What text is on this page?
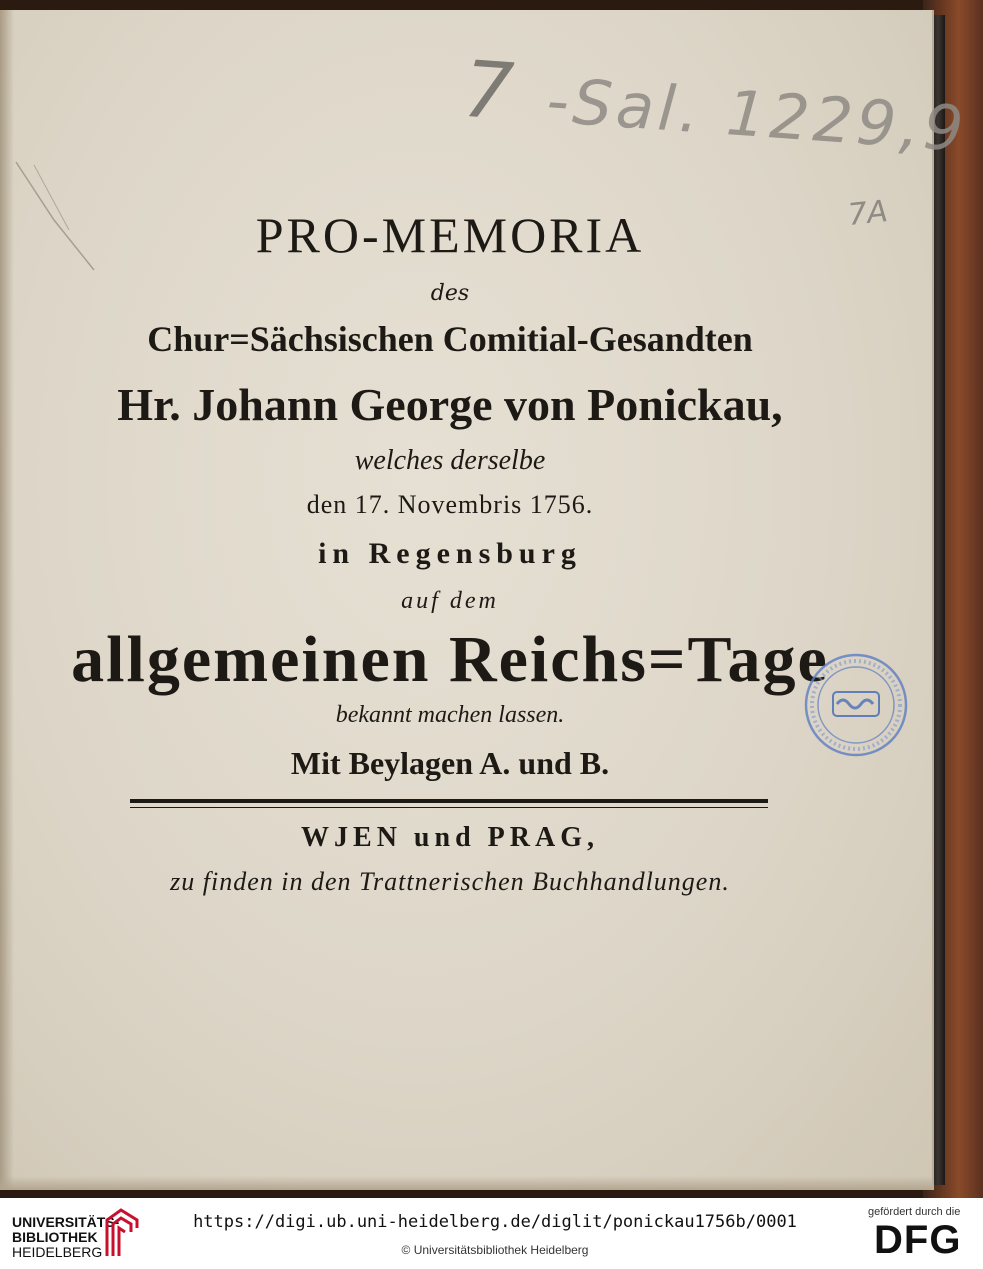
7 -Sal. 1229,9
7A
PRO-MEMORIA
des
Chur=Sächsischen Comitial-Gesandten
Hr. Johann George von Ponickau,
welches derselbe
den 17. Novembris 1756.
in Regensburg
auf dem
allgemeinen Reichs=Tage
bekannt machen lassen.
Mit Beylagen A. und B.
WJEN und PRAG,
zu finden in den Trattnerischen Buchhandlungen.
UNIVERSITÄTS-
BIBLIOTHEK
HEIDELBERG
https://digi.ub.uni-heidelberg.de/diglit/ponickau1756b/0001
© Universitätsbibliothek Heidelberg
gefördert durch die
DFG
